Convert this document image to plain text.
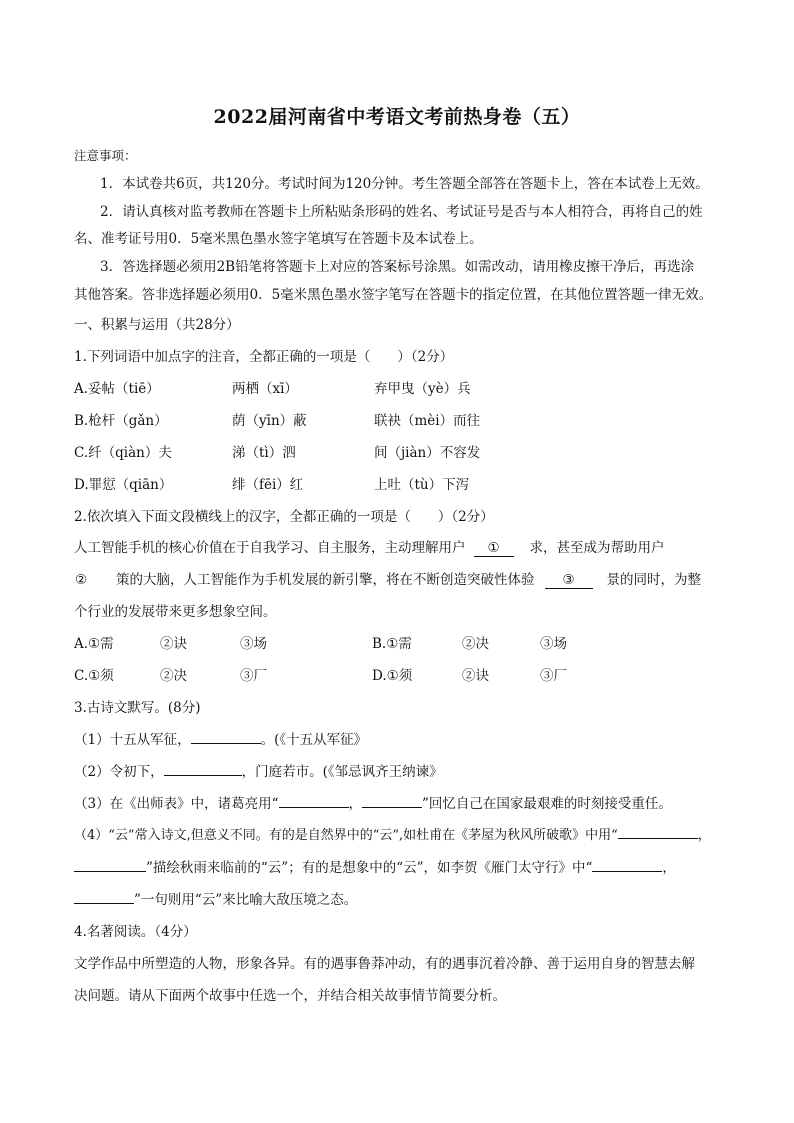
2022届河南省中考语文考前热身卷（五）
注意事项：
1．本试卷共6页，共120分。考试时间为120分钟。考生答题全部答在答题卡上，答在本试卷上无效。
2．请认真核对监考教师在答题卡上所粘贴条形码的姓名、考试证号是否与本人相符合，再将自己的姓
名、准考证号用0．5毫米黑色墨水签字笔填写在答题卡及本试卷上。
3．答选择题必须用2B铅笔将答题卡上对应的答案标号涂黑。如需改动，请用橡皮擦干净后，再选涂
其他答案。答非选择题必须用0．5毫米黑色墨水签字笔写在答题卡的指定位置，在其他位置答题一律无效。
一、积累与运用（共28分）
1.下列词语中加点字的注音，全都正确的一项是（　　）（2分）
A.妥帖（tiē）	两栖（xī）	弃甲曳（yè）兵
B.枪杆（gǎn）	荫（yīn）蔽	联袂（mèi）而往
C.纤（qiàn）夫	涕（tì）泗	间（jiàn）不容发
D.罪愆（qiān）	绯（fēi）红	上吐（tù）下泻
2.依次填入下面文段横线上的汉字，全都正确的一项是（　　）（2分）
人工智能手机的核心价值在于自我学习、自主服务，主动理解用户 ① 求，甚至成为帮助用户
② 策的大脑，人工智能作为手机发展的新引擎，将在不断创造突破性体验 ③ 景的同时，为整
个行业的发展带来更多想象空间。
A.①需	②诀	③场	B.①需	②决	③场
C.①须	②决	③厂	D.①须	②诀	③厂
3.古诗文默写。(8分)
（1）十五从军征，	。(《十五从军征》
（2）令初下，	，门庭若市。(《邹忌讽齐王纳谏》
（3）在《出师表》中，诸葛亮用“	，	”回忆自己在国家最艰难的时刻接受重任。
（4）“云”常入诗文,但意义不同。有的是自然界中的“云”,如杜甫在《茅屋为秋风所破歌》中用“	，
”描绘秋雨来临前的“云”；有的是想象中的“云”，如李贺《雁门太守行》中“	，
”一句则用“云”来比喻大敌压境之态。
4.名著阅读。（4分）
文学作品中所塑造的人物，形象各异。有的遇事鲁莽冲动，有的遇事沉着冷静、善于运用自身的智慧去解
决问题。请从下面两个故事中任选一个，并结合相关故事情节简要分析。
